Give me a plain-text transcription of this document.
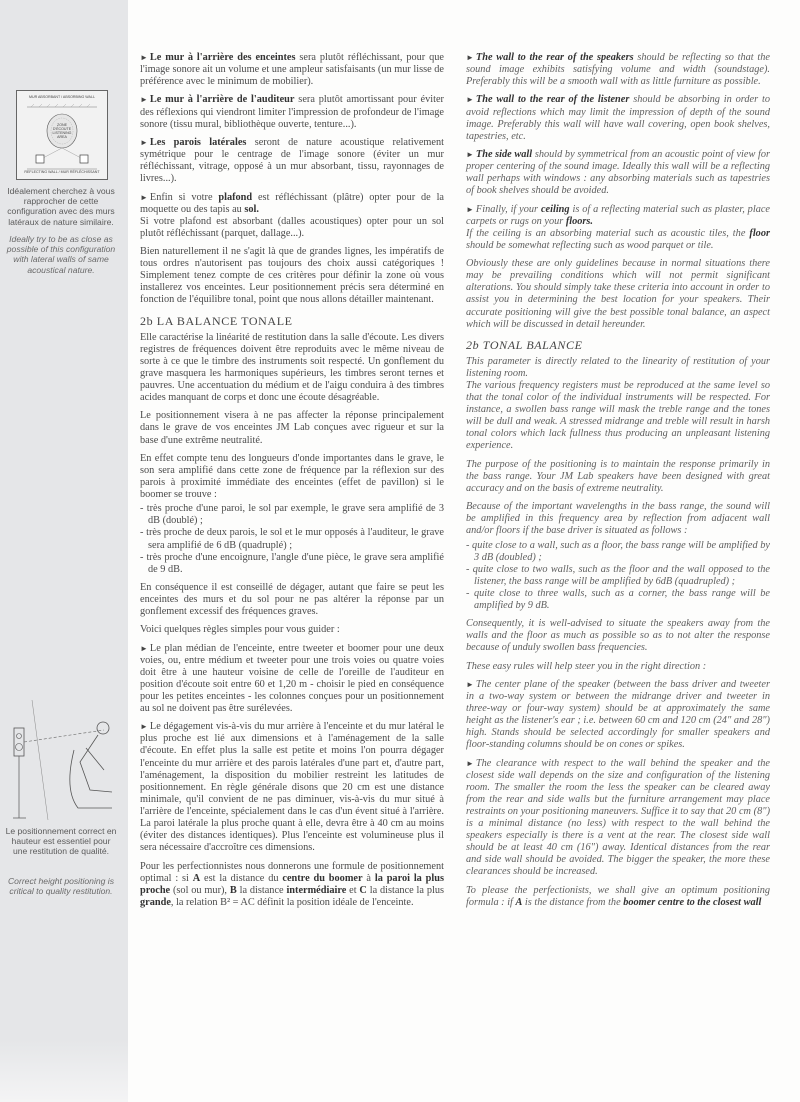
MUR ABSORBANT / ABSORBING WALL
ZONE D'ÉCOUTE LISTENING AREA
REFLECTING WALL / MUR RÉFLÉCHISSANT
Idéalement cherchez à vous rapprocher de cette configuration avec des murs latéraux de nature similaire.
Ideally try to be as close as possible of this configuration with lateral walls of same acoustical nature.
Le positionnement correct en hauteur est essentiel pour une restitution de qualité.
Correct height positioning is critical to quality restitution.

► Le mur à l'arrière des enceintes sera plutôt réfléchissant, pour que l'image sonore ait un volume et une ampleur satisfaisants (un mur lisse de préférence avec le minimum de mobilier).

► Le mur à l'arrière de l'auditeur sera plutôt amortissant pour éviter des réflexions qui viendront limiter l'impression de profondeur de l'image sonore (tissu mural, bibliothèque ouverte, tenture...).

► Les parois latérales seront de nature acoustique relativement symétrique pour le centrage de l'image sonore (éviter un mur réfléchissant, vitrage, opposé à un mur absorbant, tissu, rayonnages de livres...).

► Enfin si votre plafond est réfléchissant (plâtre) opter pour de la moquette ou des tapis au sol.
Si votre plafond est absorbant (dalles acoustiques) opter pour un sol plutôt réfléchissant (parquet, dallage...).

Bien naturellement il ne s'agit là que de grandes lignes, les impératifs de tous ordres n'autorisent pas toujours des choix aussi catégoriques ! Simplement tenez compte de ces critères pour définir la zone où vous installerez vos enceintes. Leur positionnement précis sera déterminé en fonction de l'équilibre tonal, point que nous allons détailler maintenant.

2b LA BALANCE TONALE

Elle caractérise la linéarité de restitution dans la salle d'écoute. Les divers registres de fréquences doivent être reproduits avec le même niveau de sorte à ce que le timbre des instruments soit respecté. Un gonflement du grave masquera les harmoniques supérieurs, les timbres seront ternes et pauvres. Une accentuation du médium et de l'aigu conduira à des timbres acides manquant de corps et donc une écoute désagréable.

Le positionnement visera à ne pas affecter la réponse principalement dans le grave de vos enceintes JM Lab conçues avec rigueur et sur la base d'une extrême neutralité.

En effet compte tenu des longueurs d'onde importantes dans le grave, le son sera amplifié dans cette zone de fréquence par la réflexion sur des parois à proximité immédiate des enceintes (effet de pavillon) si le boomer se trouve :

- très proche d'une paroi, le sol par exemple, le grave sera amplifié de 3 dB (doublé) ;
- très proche de deux parois, le sol et le mur opposés à l'auditeur, le grave sera amplifié de 6 dB (quadruplé) ;
- très proche d'une encoignure, l'angle d'une pièce, le grave sera amplifié de 9 dB.

En conséquence il est conseillé de dégager, autant que faire se peut les enceintes des murs et du sol pour ne pas altérer la réponse par un gonflement excessif des fréquences graves.

Voici quelques règles simples pour vous guider :

► Le plan médian de l'enceinte, entre tweeter et boomer pour une deux voies, ou, entre médium et tweeter pour une trois voies ou quatre voies doit être à une hauteur voisine de celle de l'oreille de l'auditeur en position d'écoute soit entre 60 et 1,20 m - choisir le pied en conséquence pour les petites enceintes - les colonnes conçues pour un positionnement au sol ne doivent pas être surélevées.

► Le dégagement vis-à-vis du mur arrière à l'enceinte et du mur latéral le plus proche est lié aux dimensions et à l'aménagement de la salle d'écoute. En effet plus la salle est petite et moins l'on pourra dégager l'enceinte du mur arrière et des parois latérales d'une part et, d'autre part, l'aménagement, la disposition du mobilier restreint les latitudes de positionnement. En règle générale disons que 20 cm est une distance minimale, qu'il convient de ne pas diminuer, vis-à-vis du mur situé à l'arrière de l'enceinte, spécialement dans le cas d'un évent situé à l'arrière. La paroi latérale la plus proche quant à elle, devra être à 40 cm au moins (éviter des distances identiques). Plus l'enceinte est volumineuse plus il sera nécessaire d'accroître ces dimensions.

Pour les perfectionnistes nous donnerons une formule de positionnement optimal : si A est la distance du centre du boomer à la paroi la plus proche (sol ou mur), B la distance intermédiaire et C la distance la plus grande, la relation B² = AC définit la position idéale de l'enceinte.

► The wall to the rear of the speakers should be reflecting so that the sound image exhibits satisfying volume and width (soundstage). Preferably this will be a smooth wall with as little furniture as possible.

► The wall to the rear of the listener should be absorbing in order to avoid reflections which may limit the impression of depth of the sound image. Preferably this wall will have wall covering, open book shelves, tapestries, etc.

► The side wall should by symmetrical from an acoustic point of view for proper centering of the sound image. Ideally this wall will be a reflecting wall perhaps with windows : any absorbing materials such as tapestries of book shelves should be avoided.

► Finally, if your ceiling is of a reflecting material such as plaster, place carpets or rugs on your floors.
If the ceiling is an absorbing material such as acoustic tiles, the floor should be somewhat reflecting such as wood parquet or tile.

Obviously these are only guidelines because in normal situations there may be prevailing conditions which will not permit significant alterations. You should simply take these criteria into account in order to assist you in determining the best location for your speakers. Their accurate positioning will give the best possible tonal balance, an aspect which will be discussed in detail hereunder.

2b TONAL BALANCE

This parameter is directly related to the linearity of restitution of your listening room.
The various frequency registers must be reproduced at the same level so that the tonal color of the individual instruments will be respected. For instance, a swollen bass range will mask the treble range and the tones will be dull and weak. A stressed midrange and treble will result in harsh tonal colors which lack fullness thus producing an unpleasant listening experience.

The purpose of the positioning is to maintain the response primarily in the bass range. Your JM Lab speakers have been designed with great accuracy and on the basis of extreme neutrality.

Because of the important wavelengths in the bass range, the sound will be amplified in this frequency area by reflection from adjacent wall and/or floors if the base driver is situated as follows :

- quite close to a wall, such as a floor, the bass range will be amplified by 3 dB (doubled) ;
- quite close to two walls, such as the floor and the wall opposed to the listener, the bass range will be amplified by 6dB (quadrupled) ;
- quite close to three walls, such as a corner, the bass range will be amplified by 9 dB.

Consequently, it is well-advised to situate the speakers away from the walls and the floor as much as possible so as to not alter the response because of unduly swollen bass frequencies.

These easy rules will help steer you in the right direction :

► The center plane of the speaker (between the bass driver and tweeter in a two-way system or between the midrange driver and tweeter in three-way or four-way system) should be at approximately the same height as the listener's ear ; i.e. between 60 cm and 120 cm (24" and 28") high. Stands should be selected accordingly for smaller speakers and floor-standing columns should be on cones or spikes.

► The clearance with respect to the wall behind the speaker and the closest side wall depends on the size and configuration of the listening room. The smaller the room the less the speaker can be cleared away from the rear and side walls but the furniture arrangement may place restraints on your positioning maneuvers. Suffice it to say that 20 cm (8") is a minimal distance (no less) with respect to the wall behind the speakers especially is there is a vent at the rear. The closest side wall should be at least 40 cm (16") away. Identical distances from the rear and side wall should be avoided. The bigger the speaker, the more these clearances should be increased.

To please the perfectionists, we shall give an optimum positioning formula : if A is the distance from the boomer centre to the closest wall
